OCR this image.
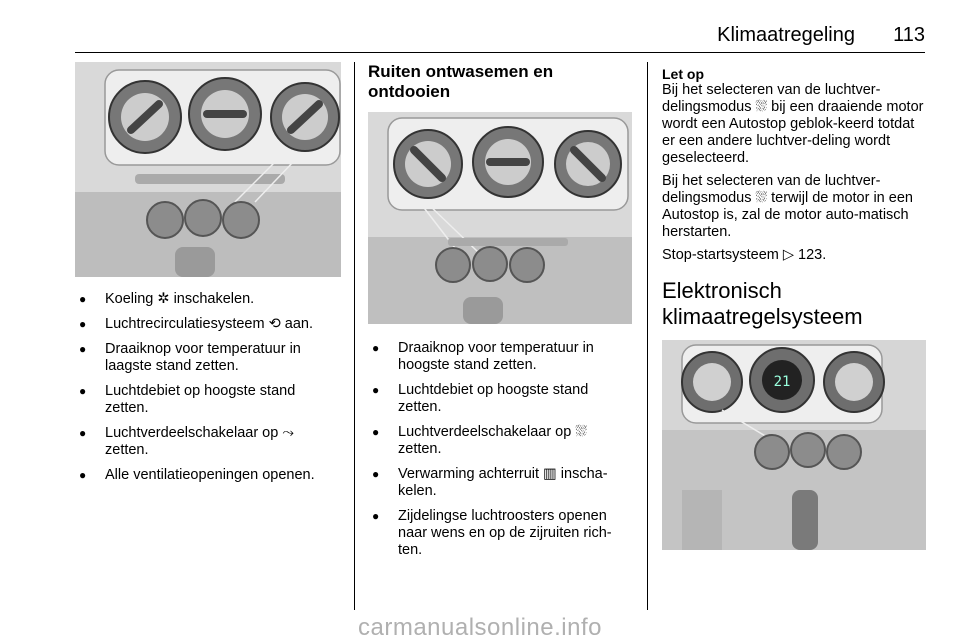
Klimaatregeling 113
● Koeling ✲ inschakelen.
● Luchtrecirculatiesysteem ⟲ aan.
● Draaiknop voor temperatuur in laagste stand zetten.
● Luchtdebiet op hoogste stand zetten.
● Luchtverdeelschakelaar op ⤳ zetten.
● Alle ventilatieopeningen openen.
Ruiten ontwasemen en ontdooien
● Draaiknop voor temperatuur in hoogste stand zetten.
● Luchtdebiet op hoogste stand zetten.
● Luchtverdeelschakelaar op ⛆ zetten.
● Verwarming achterruit ▥ inscha-kelen.
● Zijdelingse luchtroosters openen naar wens en op de zijruiten rich-ten.
Let op

Bij het selecteren van de luchtver-delingsmodus ⛆ bij een draaiende motor wordt een Autostop geblok-keerd totdat er een andere luchtver-deling wordt geselecteerd.

Bij het selecteren van de luchtver-delingsmodus ⛆ terwijl de motor in een Autostop is, zal de motor auto-matisch herstarten.

Stop-startsysteem ▷ 123.
Elektronisch klimaatregelsysteem
21
carmanualsonline.info
